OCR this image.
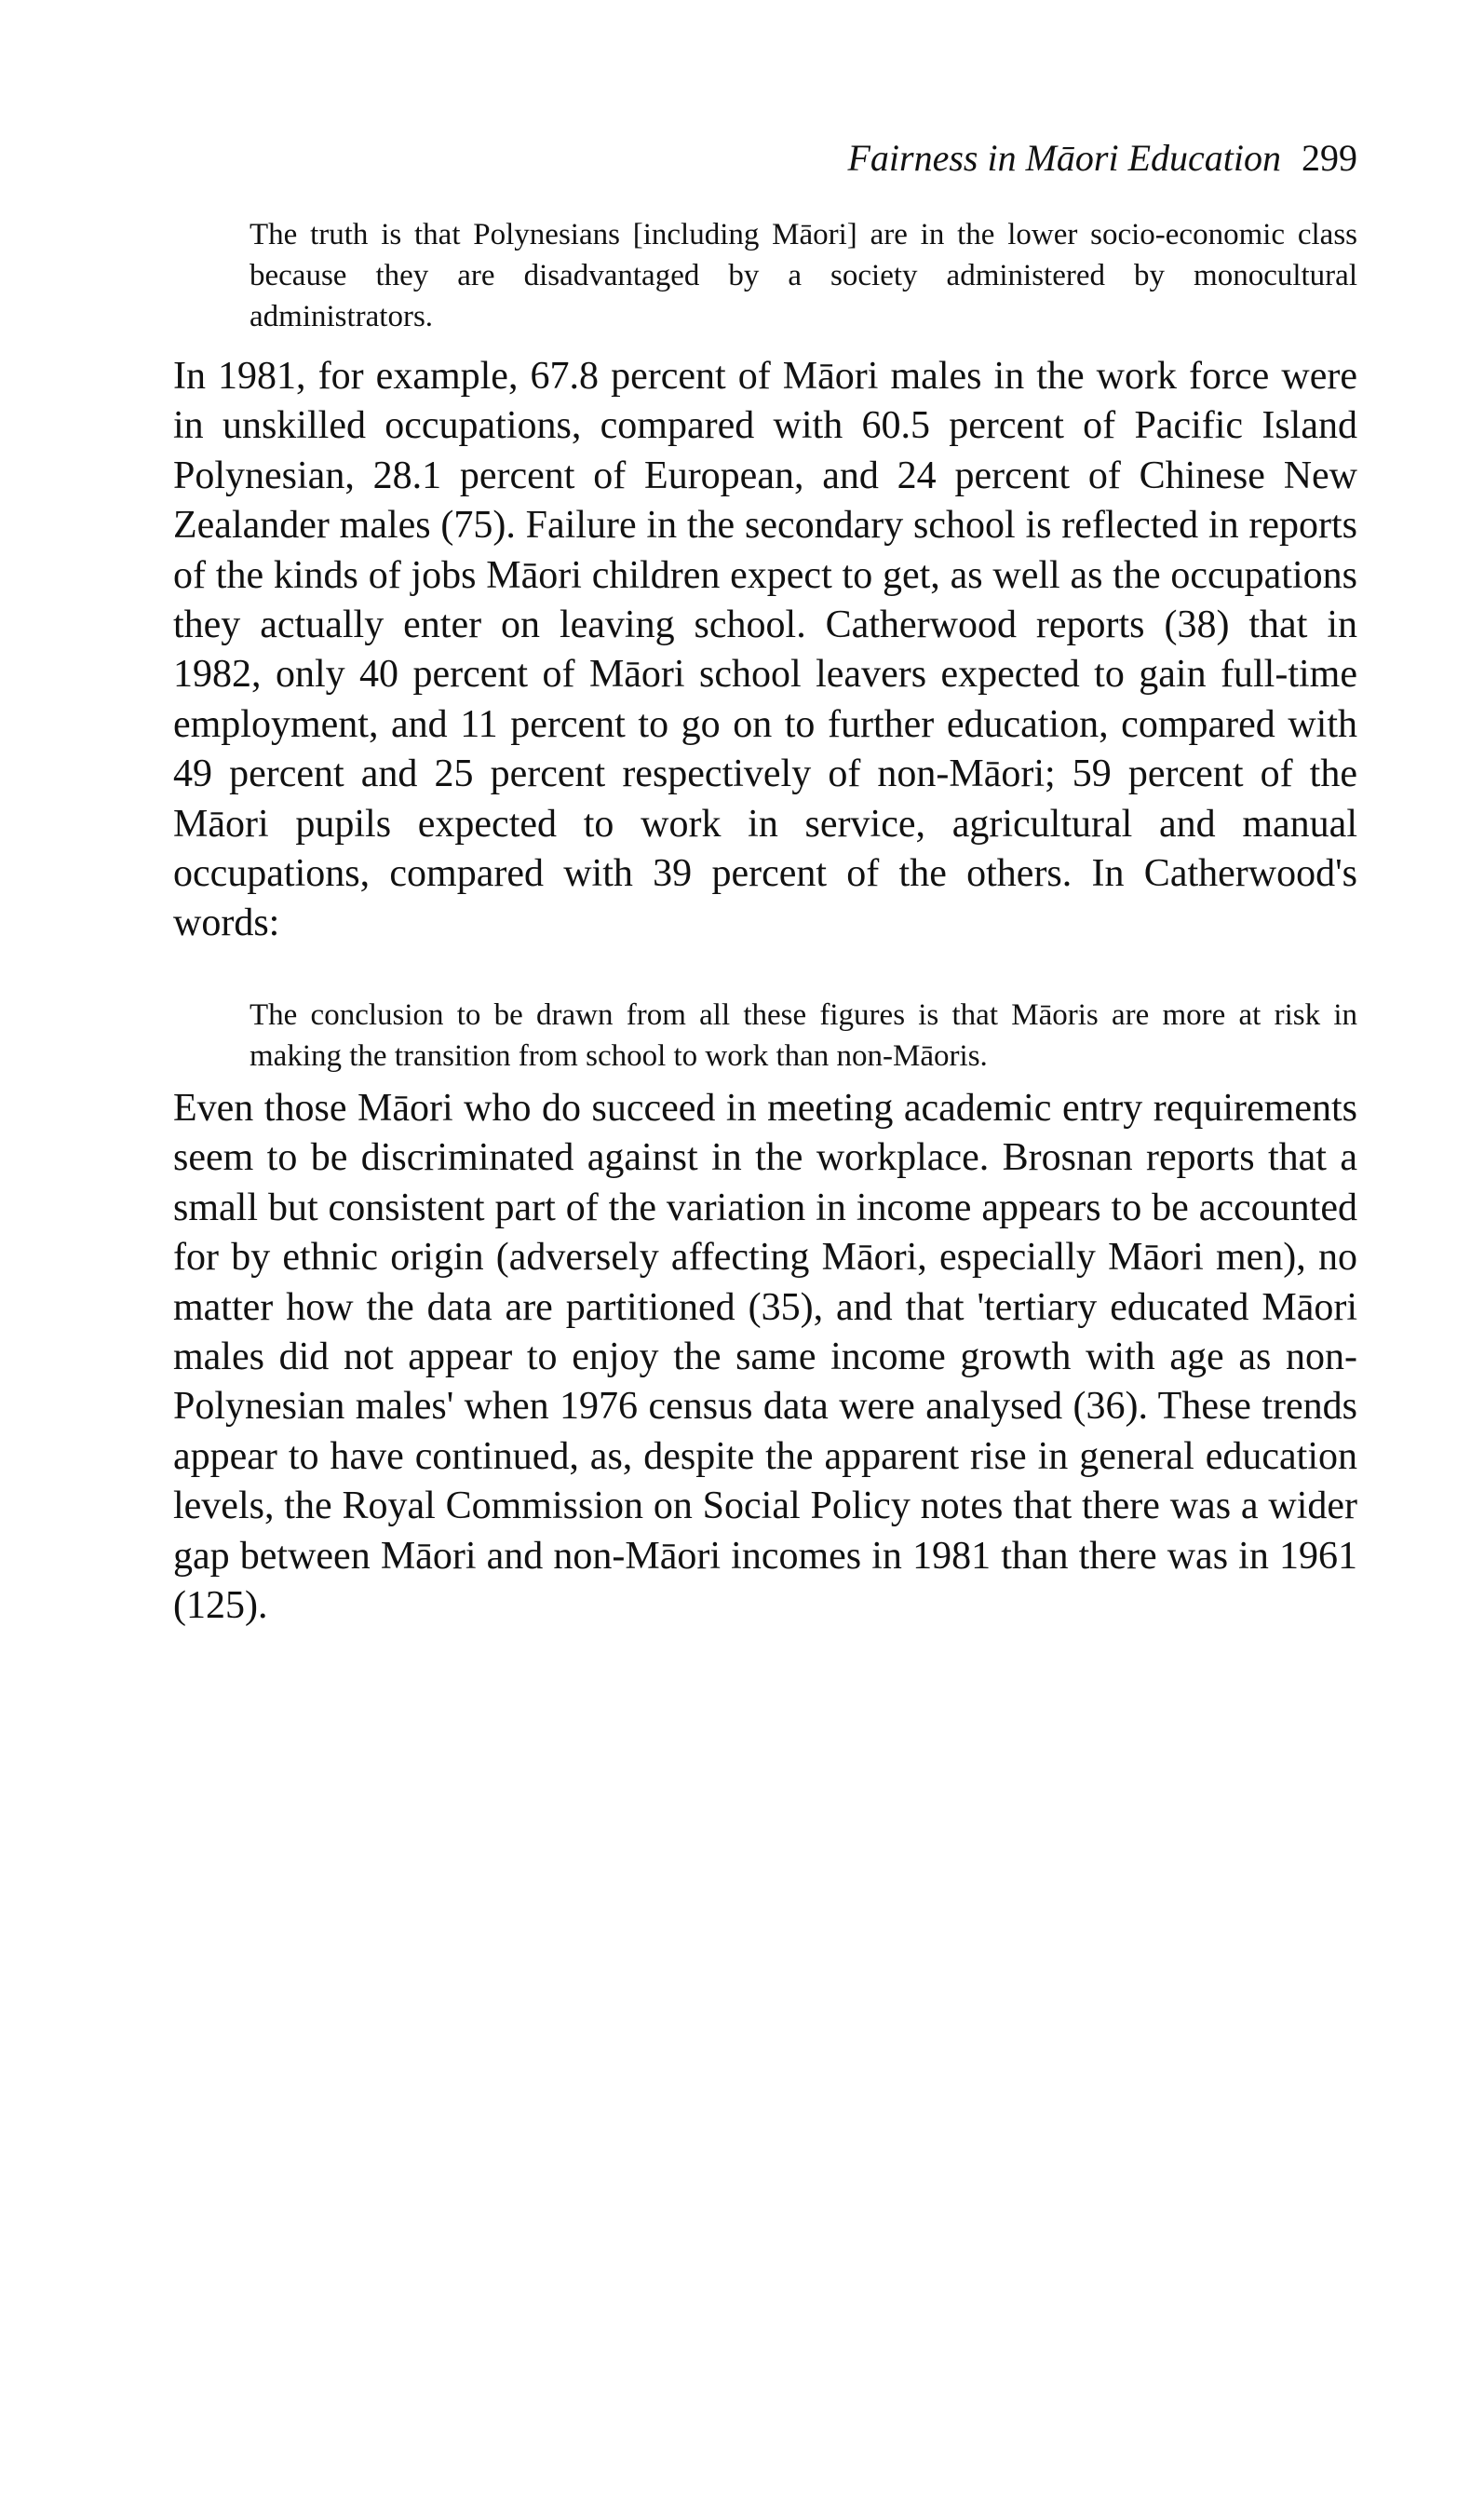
Fairness in Māori Education 299
The truth is that Polynesians [including Māori] are in the lower socio-economic class because they are disadvantaged by a society administered by monocultural administrators.
In 1981, for example, 67.8 percent of Māori males in the work force were in unskilled occupations, compared with 60.5 percent of Pacific Island Polynesian, 28.1 percent of European, and 24 percent of Chinese New Zealander males (75). Failure in the secondary school is reflected in reports of the kinds of jobs Māori children expect to get, as well as the occupations they actually enter on leaving school. Catherwood reports (38) that in 1982, only 40 percent of Māori school leavers expected to gain full-time employment, and 11 percent to go on to further education, compared with 49 percent and 25 percent respectively of non-Māori; 59 percent of the Māori pupils expected to work in service, agricultural and manual occupations, compared with 39 percent of the others. In Catherwood's words:
The conclusion to be drawn from all these figures is that Māoris are more at risk in making the transition from school to work than non-Māoris.
Even those Māori who do succeed in meeting academic entry requirements seem to be discriminated against in the workplace. Brosnan reports that a small but consistent part of the variation in income appears to be accounted for by ethnic origin (adversely affecting Māori, especially Māori men), no matter how the data are partitioned (35), and that 'tertiary educated Māori males did not appear to enjoy the same income growth with age as non-Polynesian males' when 1976 census data were analysed (36). These trends appear to have continued, as, despite the apparent rise in general education levels, the Royal Commission on Social Policy notes that there was a wider gap between Māori and non-Māori incomes in 1981 than there was in 1961 (125).
